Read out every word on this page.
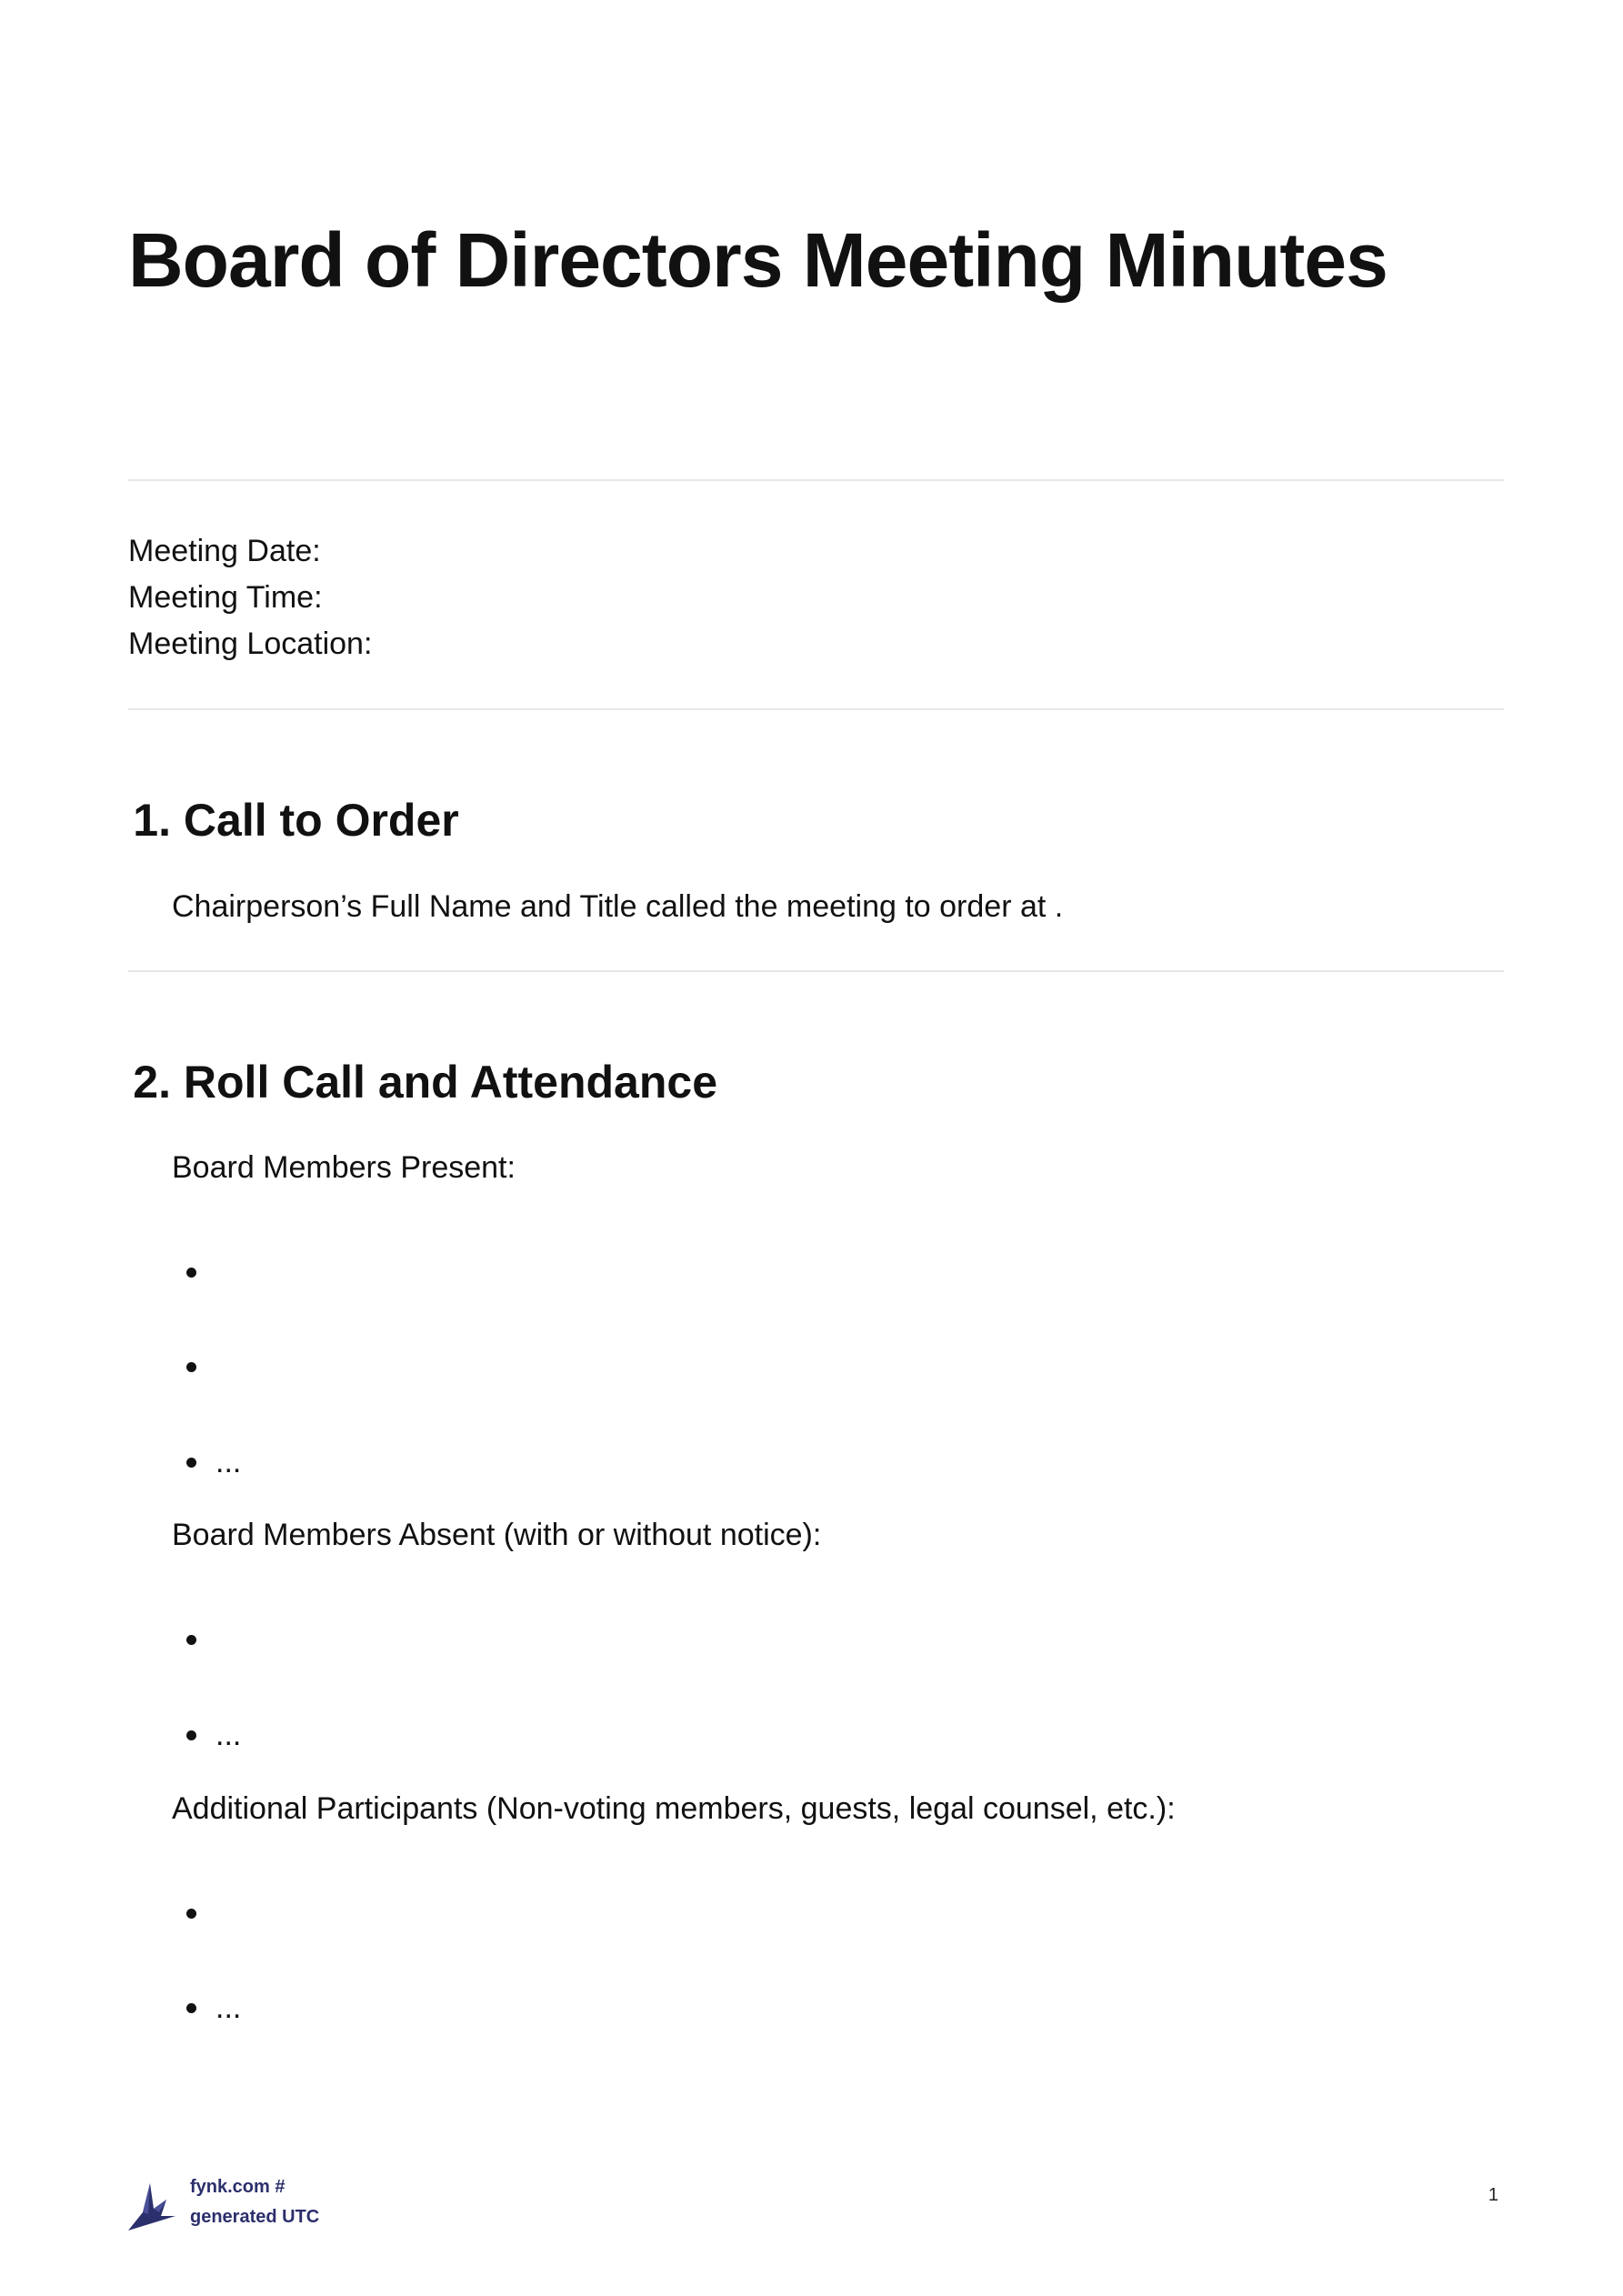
Board of Directors Meeting Minutes
Meeting Date:
Meeting Time:
Meeting Location:
1. Call to Order
Chairperson’s Full Name and Title called the meeting to order at .
2. Roll Call and Attendance
Board Members Present:
...
Board Members Absent (with or without notice):
...
Additional Participants (Non-voting members, guests, legal counsel, etc.):
...
fynk.com #
generated UTC
1
